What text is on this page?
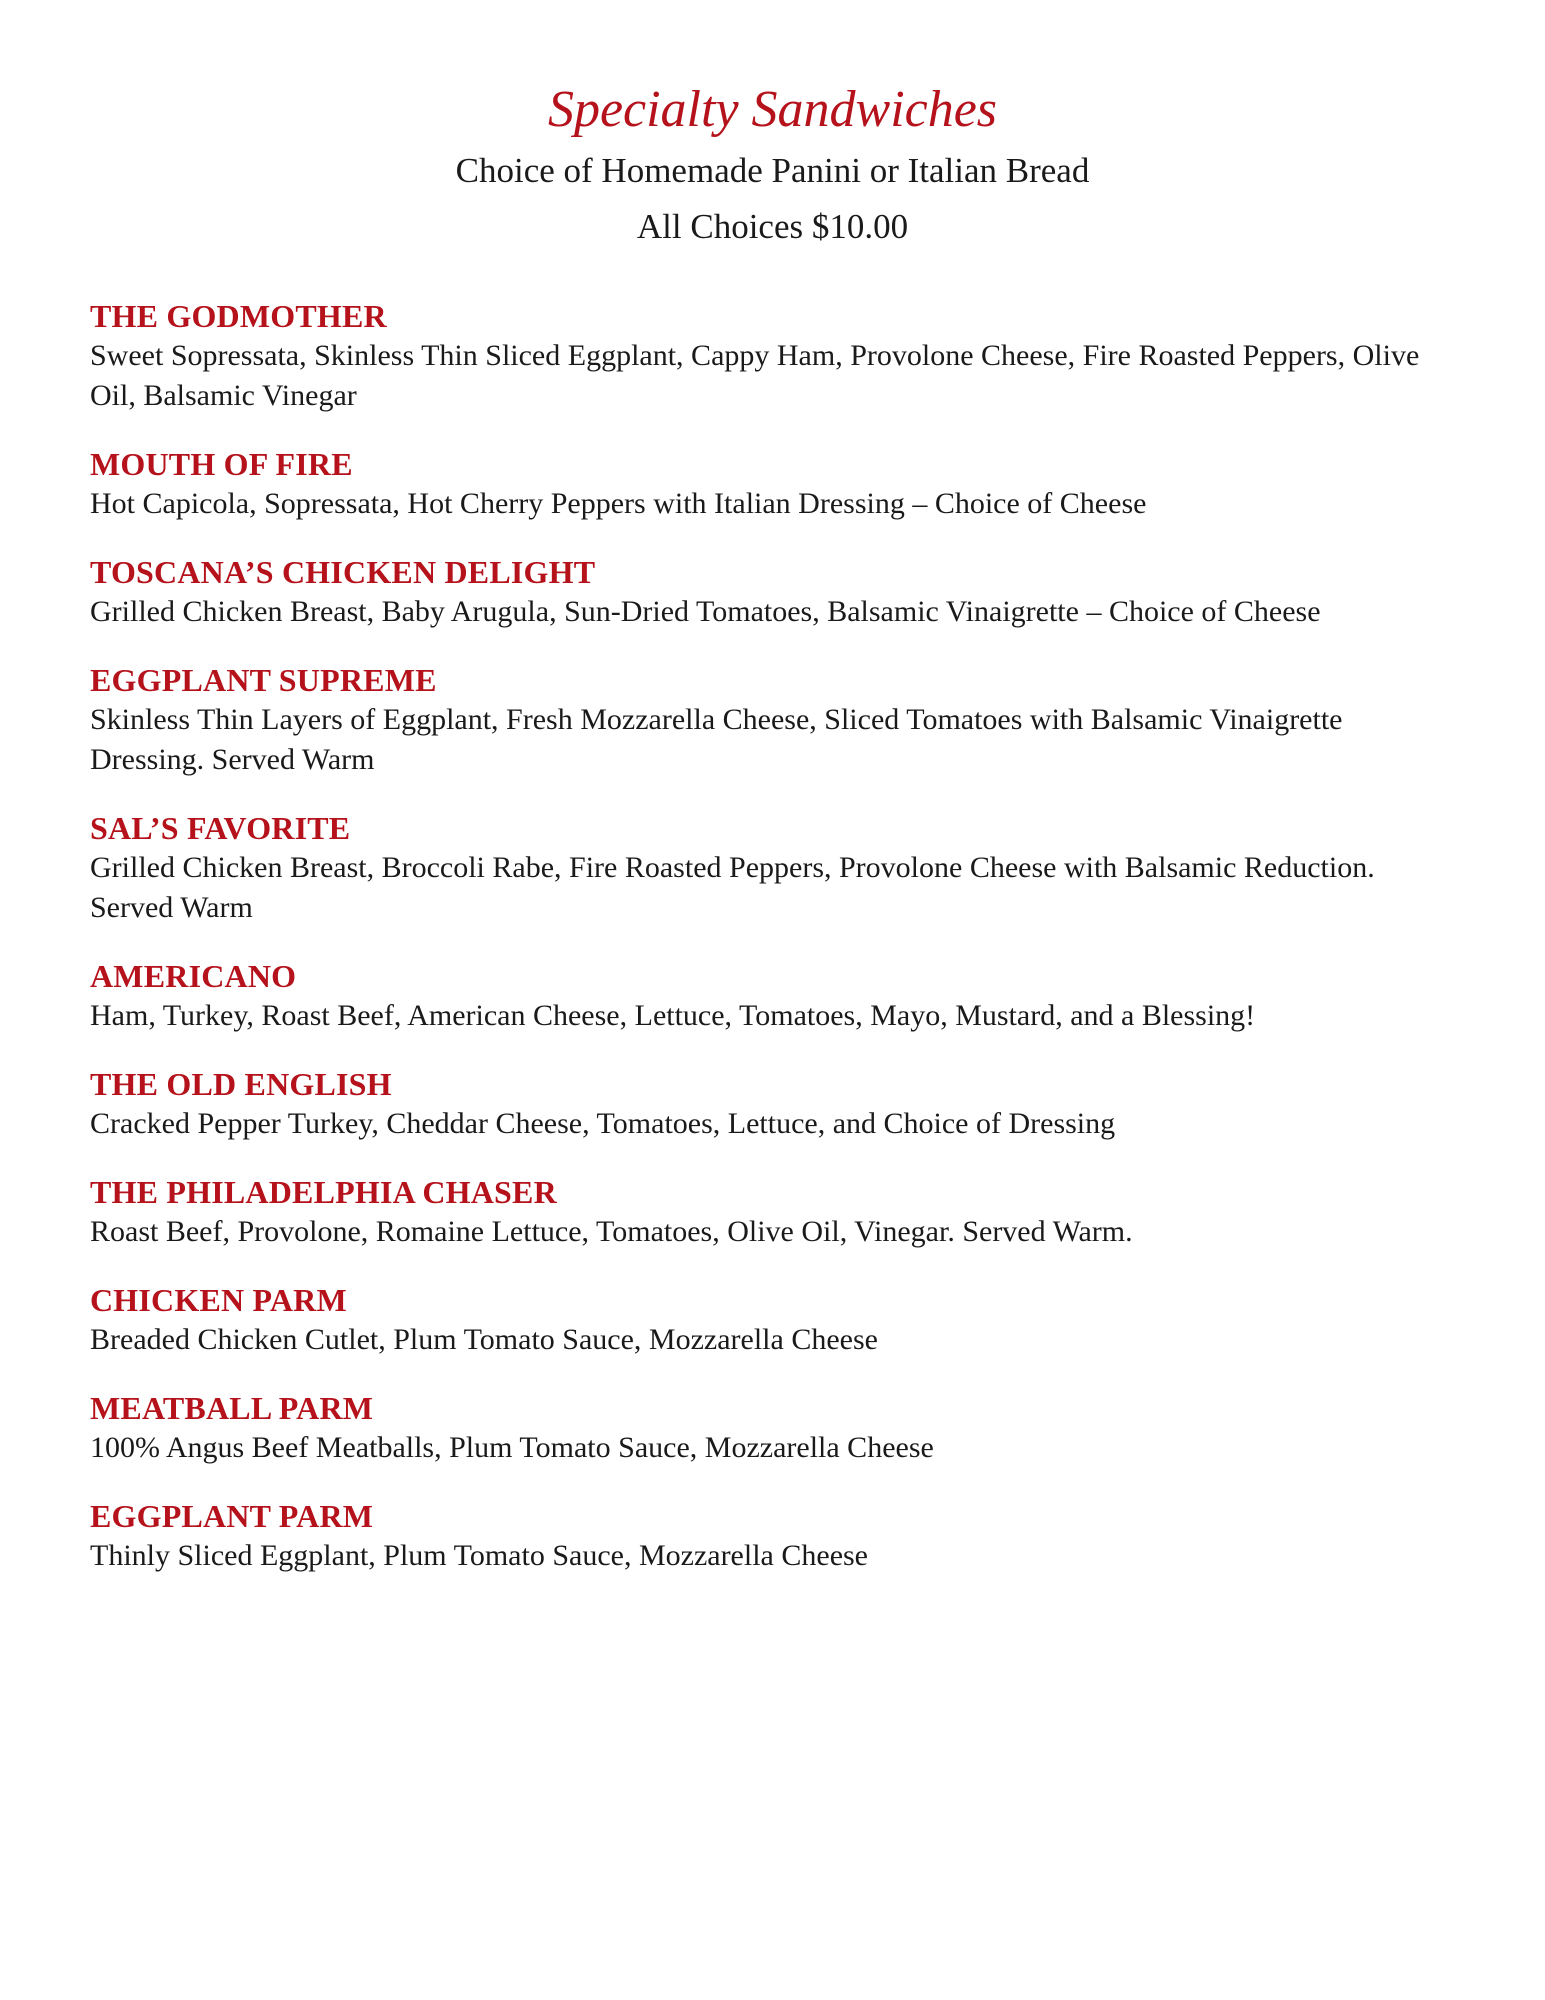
Specialty Sandwiches

Choice of Homemade Panini or Italian Bread

All Choices $10.00

THE GODMOTHER

Sweet Sopressata, Skinless Thin Sliced Eggplant, Cappy Ham, Provolone Cheese, Fire Roasted Peppers, Olive Oil, Balsamic Vinegar

MOUTH OF FIRE

Hot Capicola, Sopressata, Hot Cherry Peppers with Italian Dressing – Choice of Cheese

TOSCANA’S CHICKEN DELIGHT

Grilled Chicken Breast, Baby Arugula, Sun-Dried Tomatoes, Balsamic Vinaigrette – Choice of Cheese

EGGPLANT SUPREME

Skinless Thin Layers of Eggplant, Fresh Mozzarella Cheese, Sliced Tomatoes with Balsamic Vinaigrette Dressing. Served Warm

SAL’S FAVORITE

Grilled Chicken Breast, Broccoli Rabe, Fire Roasted Peppers, Provolone Cheese with Balsamic Reduction. Served Warm

AMERICANO

Ham, Turkey, Roast Beef, American Cheese, Lettuce, Tomatoes, Mayo, Mustard, and a Blessing!

THE OLD ENGLISH

Cracked Pepper Turkey, Cheddar Cheese, Tomatoes, Lettuce, and Choice of Dressing

THE PHILADELPHIA CHASER

Roast Beef, Provolone, Romaine Lettuce, Tomatoes, Olive Oil, Vinegar. Served Warm.

CHICKEN PARM

Breaded Chicken Cutlet, Plum Tomato Sauce, Mozzarella Cheese

MEATBALL PARM

100% Angus Beef Meatballs, Plum Tomato Sauce, Mozzarella Cheese

EGGPLANT PARM

Thinly Sliced Eggplant, Plum Tomato Sauce, Mozzarella Cheese
